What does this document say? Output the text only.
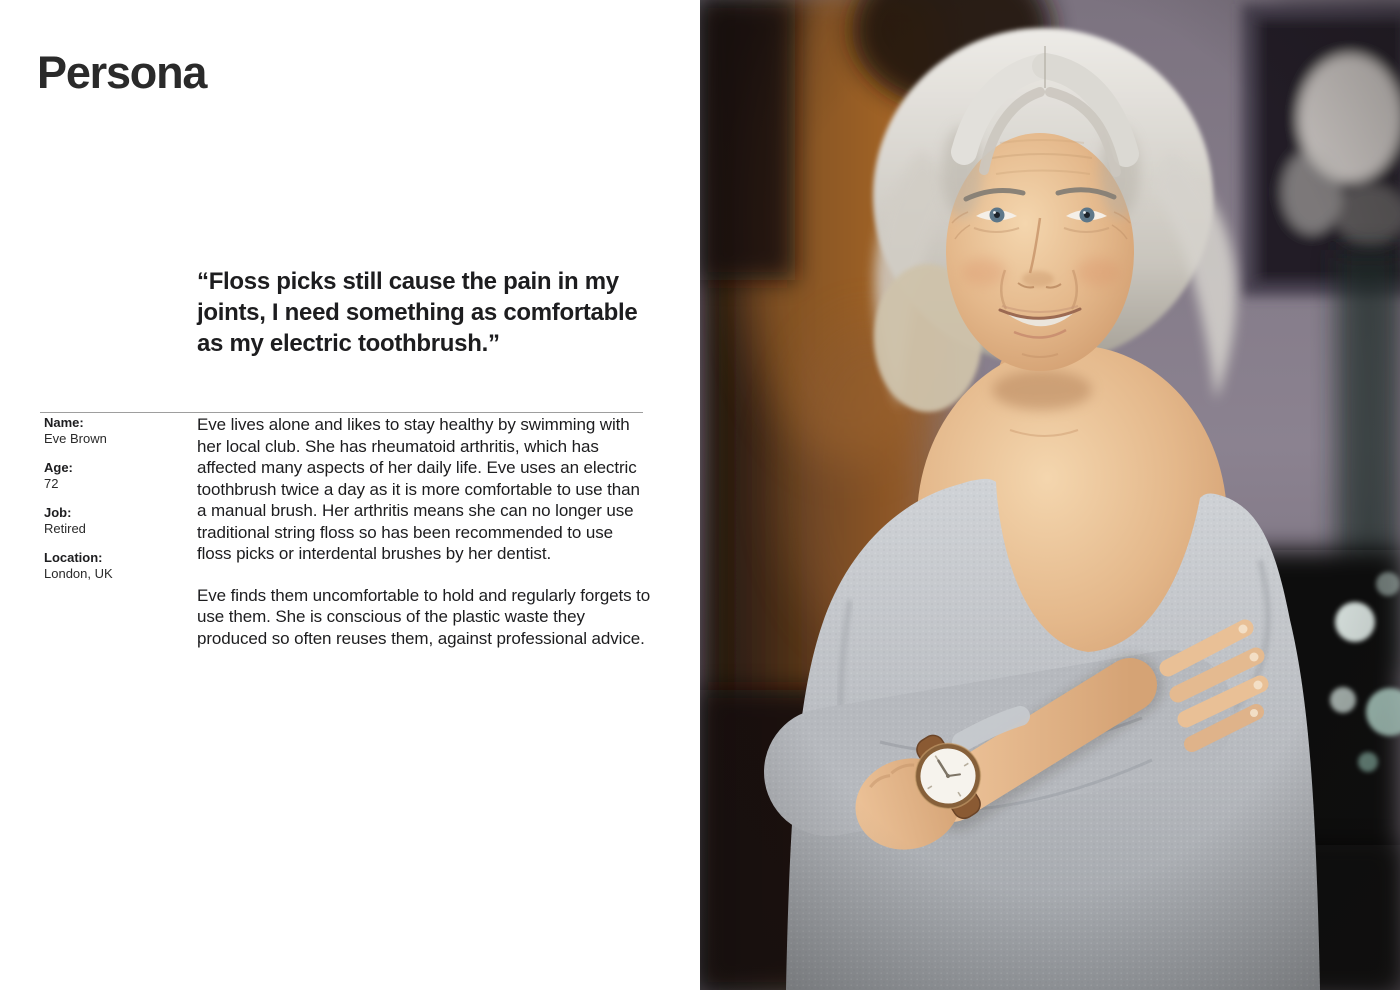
Persona
“Floss picks still cause the pain in my joints, I need something as comfortable as my electric toothbrush.”
Name:
Eve Brown
Age:
72
Job:
Retired
Location:
London, UK

Eve lives alone and likes to stay healthy by swimming with her local club. She has rheumatoid arthritis, which has affected many aspects of her daily life. Eve uses an electric toothbrush twice a day as it is more comfortable to use than a manual brush. Her arthritis means she can no longer use traditional string floss so has been recommended to use floss picks or interdental brushes by her dentist.

Eve finds them uncomfortable to hold and regularly forgets to use them. She is conscious of the plastic waste they produced so often reuses them, against professional advice.
